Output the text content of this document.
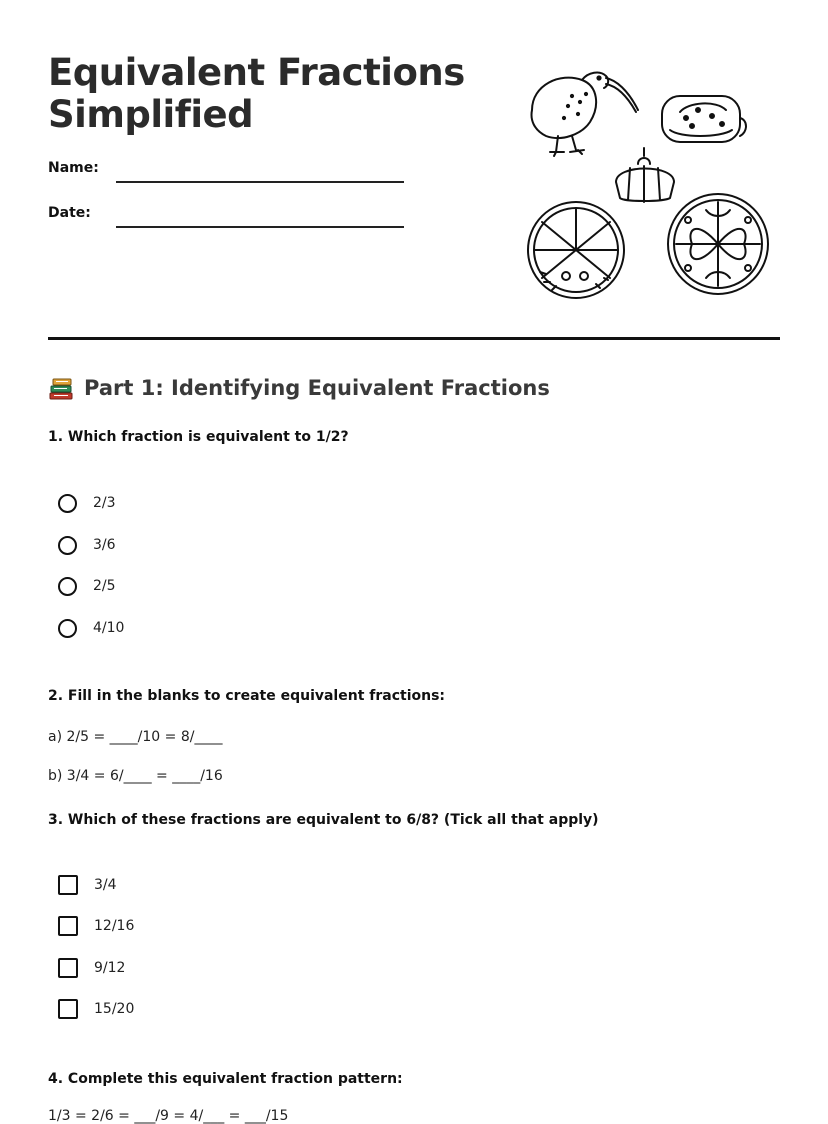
Equivalent Fractions
Simplified
Name:
Date:
Part 1: Identifying Equivalent Fractions

1. Which fraction is equivalent to 1/2?

2/3
3/6
2/5
4/10

2. Fill in the blanks to create equivalent fractions:

a) 2/5 = ____/10 = 8/____
b) 3/4 = 6/____ = ____/16

3. Which of these fractions are equivalent to 6/8? (Tick all that apply)

3/4
12/16
9/12
15/20

4. Complete this equivalent fraction pattern:

1/3 = 2/6 = ___/9 = 4/___ = ___/15
